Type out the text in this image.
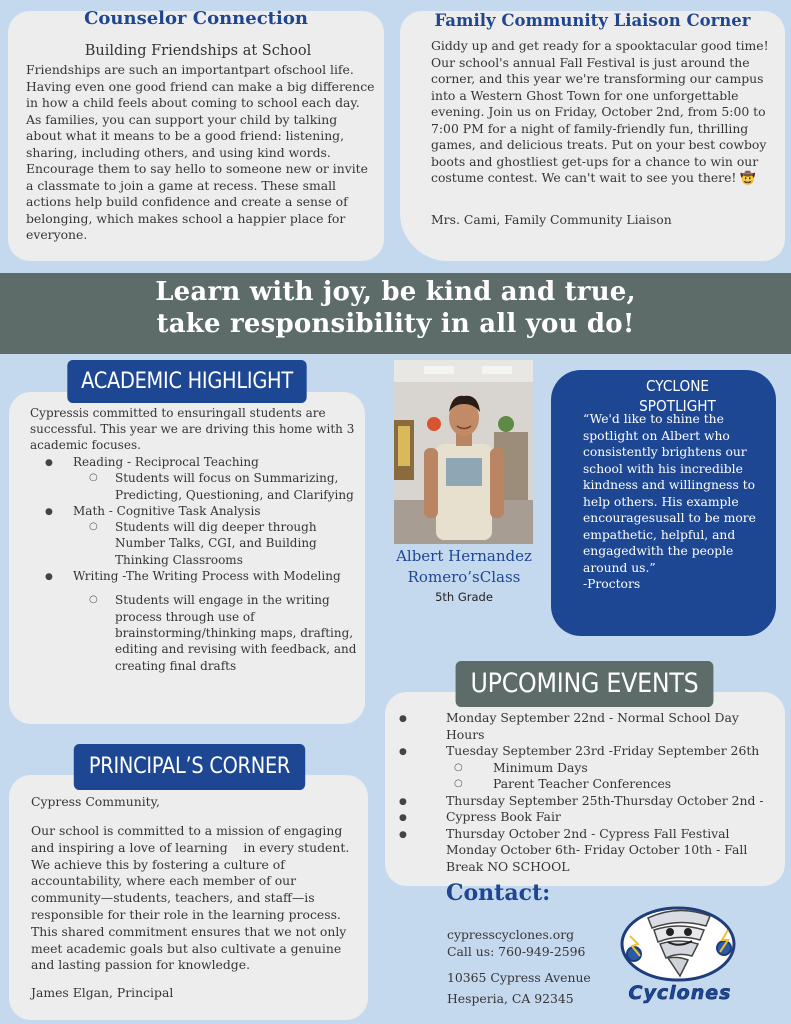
Counselor Connection
Building Friendships at School
Friendships are such an importantpart ofschool life. Having even one good friend can make a big difference in how a child feels about coming to school each day. As families, you can support your child by talking about what it means to be a good friend: listening, sharing, including others, and using kind words. Encourage them to say hello to someone new or invite a classmate to join a game at recess. These small actions help build confidence and create a sense of belonging, which makes school a happier place for everyone.
Family Community Liaison Corner
Giddy up and get ready for a spooktacular good time! Our school's annual Fall Festival is just around the corner, and this year we're transforming our campus into a Western Ghost Town for one unforgettable evening. Join us on Friday, October 2nd, from 5:00 to 7:00 PM for a night of family-friendly fun, thrilling games, and delicious treats. Put on your best cowboy boots and ghostliest get-ups for a chance to win our costume contest. We can't wait to see you there! 🤠
Mrs. Cami, Family Community Liaison
Learn with joy, be kind and true,
take responsibility in all you do!
Cypressis committed to ensuringall students are successful. This year we are driving this home with 3 academic focuses.
● Reading - Reciprocal Teaching
○ Students will focus on Summarizing, Predicting, Questioning, and Clarifying
● Math - Cognitive Task Analysis
○ Students will dig deeper through Number Talks, CGI, and Building Thinking Classrooms
● Writing -The Writing Process with Modeling
○ Students will engage in the writing process through use of brainstorming/thinking maps, drafting, editing and revising with feedback, and creating final drafts
ACADEMIC HIGHLIGHT
Albert Hernandez
Romero’sClass
5th Grade
CYCLONE
SPOTLIGHT
“We'd like to shine the spotlight on Albert who consistently brightens our school with his incredible kindness and willingness to help others. His example encouragesusall to be more empathetic, helpful, and engagedwith the people around us.”
-Proctors
● Monday September 22nd - Normal School Day Hours
● Tuesday September 23rd -Friday September 26th
○ Minimum Days
○ Parent Teacher Conferences
● Thursday September 25th-Thursday October 2nd -
● Cypress Book Fair
● Thursday October 2nd - Cypress Fall Festival
Monday October 6th- Friday October 10th - Fall Break NO SCHOOL
UPCOMING EVENTS
Cypress Community,
Our school is committed to a mission of engaging and inspiring a love of learning    in every student. We achieve this by fostering a culture of accountability, where each member of our community—students, teachers, and staff—is responsible for their role in the learning process. This shared commitment ensures that we not only meet academic goals but also cultivate a genuine and lasting passion for knowledge.
James Elgan, Principal
PRINCIPAL’S CORNER
Contact:
cypresscyclones.org
Call us: 760-949-2596
10365 Cypress Avenue
Hesperia, CA 92345	Cyclones
